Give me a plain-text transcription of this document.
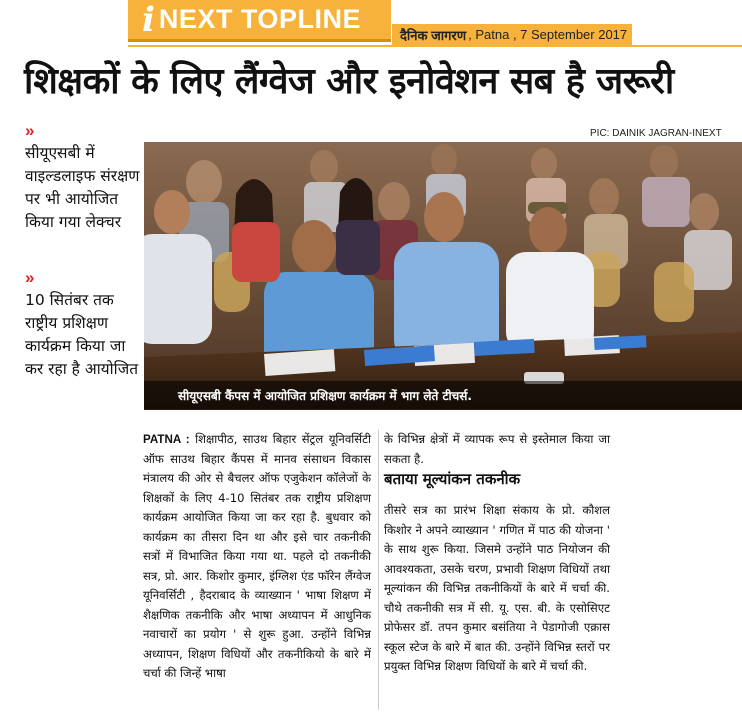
i NEXT TOPLINE
दैनिक जागरण , Patna , 7 September 2017
शिक्षकों के लिए लैंग्वेज और इनोवेशन सब है जरूरी
»
सीयूएसबी में वाइल्डलाइफ संरक्षण पर भी आयोजित किया गया लेक्चर
»
10 सितंबर तक राष्ट्रीय प्रशिक्षण कार्यक्रम किया जा कर रहा है आयोजित
PIC: DAINIK JAGRAN-INEXT
सीयूएसबी कैंपस में आयोजित प्रशिक्षण कार्यक्रम में भाग लेते टीचर्स.
PATNA : शिक्षापीठ, साउथ बिहार सेंट्रल यूनिवर्सिटी ऑफ साउथ बिहार कैंपस में मानव संसाधन विकास मंत्रालय की ओर से बैचलर ऑफ एजुकेशन कॉलेजों के शिक्षकों के लिए 4-10 सितंबर तक राष्ट्रीय प्रशिक्षण कार्यक्रम आयोजित किया जा कर रहा है. बुधवार को कार्यक्रम का तीसरा दिन था और इसे चार तकनीकी सत्रों में विभाजित किया गया था. पहले दो तकनीकी सत्र, प्रो. आर. किशोर कुमार, इंग्लिश एंड फॉरेन लैंग्वेज यूनिवर्सिटी , हैदराबाद के व्याख्यान ' भाषा शिक्षण में शैक्षणिक तकनीकि और भाषा अध्यापन में आधुनिक नवाचारों का प्रयोग ' से शुरू हुआ. उन्होंने विभिन्न अध्यापन, शिक्षण विधियों और तकनीकियो के बारे में चर्चा की जिन्हें भाषा
के विभिन्न क्षेत्रों में व्यापक रूप से इस्तेमाल किया जा सकता है.
बताया मूल्यांकन तकनीक
तीसरे सत्र का प्रारंभ शिक्षा संकाय के प्रो. कौशल किशोर ने अपने व्याख्यान ' गणित में पाठ की योजना ' के साथ शुरू किया. जिसमे उन्होंने पाठ नियोजन की आवश्यकता, उसके चरण, प्रभावी शिक्षण विधियों तथा मूल्यांकन की विभिन्न तकनीकियों के बारे में चर्चा की. चौथे तकनीकी सत्र में सी. यू. एस. बी. के एसोसिएट प्रोफेसर डॉ. तपन कुमार बसंतिया ने पेडागोजी एक्रास स्कूल स्टेज के बारे में बात की. उन्होंने विभिन्न स्तरों पर प्रयुक्त विभिन्न शिक्षण विधियों के बारे में चर्चा की.
